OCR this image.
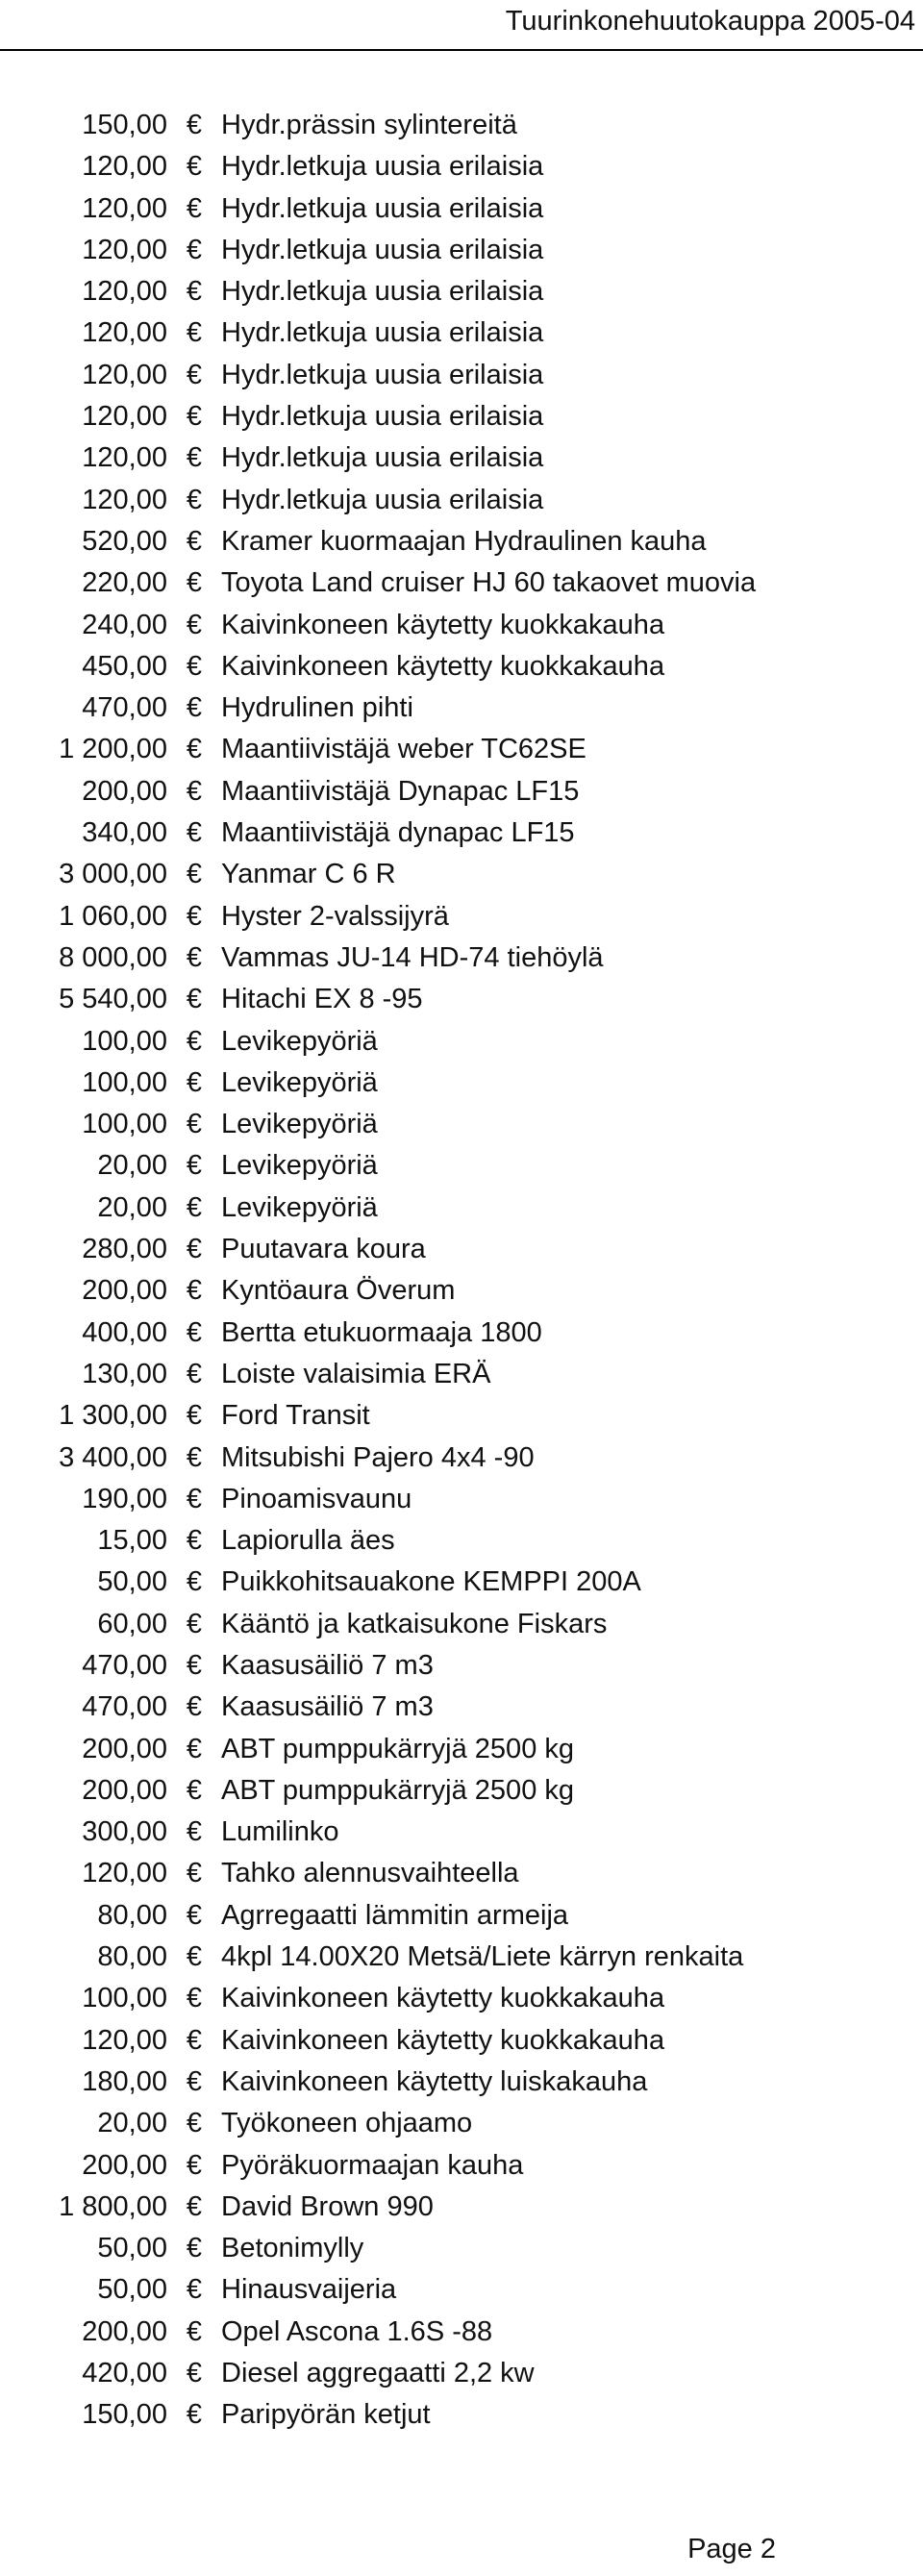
Tuurinkonehuutokauppa 2005-04
150,00 € Hydr.prässin sylintereitä
120,00 € Hydr.letkuja uusia erilaisia
120,00 € Hydr.letkuja uusia erilaisia
120,00 € Hydr.letkuja uusia erilaisia
120,00 € Hydr.letkuja uusia erilaisia
120,00 € Hydr.letkuja uusia erilaisia
120,00 € Hydr.letkuja uusia erilaisia
120,00 € Hydr.letkuja uusia erilaisia
120,00 € Hydr.letkuja uusia erilaisia
120,00 € Hydr.letkuja uusia erilaisia
520,00 € Kramer kuormaajan Hydraulinen kauha
220,00 € Toyota Land cruiser HJ 60 takaovet muovia
240,00 € Kaivinkoneen käytetty kuokkakauha
450,00 € Kaivinkoneen käytetty kuokkakauha
470,00 € Hydrulinen pihti
1 200,00 € Maantiivistäjä weber TC62SE
200,00 € Maantiivistäjä Dynapac LF15
340,00 € Maantiivistäjä dynapac LF15
3 000,00 € Yanmar C 6 R
1 060,00 € Hyster 2-valssijyrä
8 000,00 € Vammas JU-14 HD-74 tiehöylä
5 540,00 € Hitachi EX 8 -95
100,00 € Levikepyöriä
100,00 € Levikepyöriä
100,00 € Levikepyöriä
20,00 € Levikepyöriä
20,00 € Levikepyöriä
280,00 € Puutavara koura
200,00 € Kyntöaura Överum
400,00 € Bertta etukuormaaja 1800
130,00 € Loiste valaisimia ERÄ
1 300,00 € Ford Transit
3 400,00 € Mitsubishi Pajero 4x4 -90
190,00 € Pinoamisvaunu
15,00 € Lapiorulla äes
50,00 € Puikkohitsauakone KEMPPI 200A
60,00 € Kääntö ja katkaisukone Fiskars
470,00 € Kaasusäiliö 7 m3
470,00 € Kaasusäiliö 7 m3
200,00 € ABT pumppukärryjä 2500 kg
200,00 € ABT pumppukärryjä 2500 kg
300,00 € Lumilinko
120,00 € Tahko alennusvaihteella
80,00 € Agrregaatti lämmitin armeija
80,00 € 4kpl 14.00X20 Metsä/Liete kärryn renkaita
100,00 € Kaivinkoneen käytetty kuokkakauha
120,00 € Kaivinkoneen käytetty kuokkakauha
180,00 € Kaivinkoneen käytetty luiskakauha
20,00 € Työkoneen ohjaamo
200,00 € Pyöräkuormaajan kauha
1 800,00 € David Brown 990
50,00 € Betonimylly
50,00 € Hinausvaijeria
200,00 € Opel Ascona 1.6S -88
420,00 € Diesel aggregaatti 2,2 kw
150,00 € Paripyörän ketjut
Page 2
